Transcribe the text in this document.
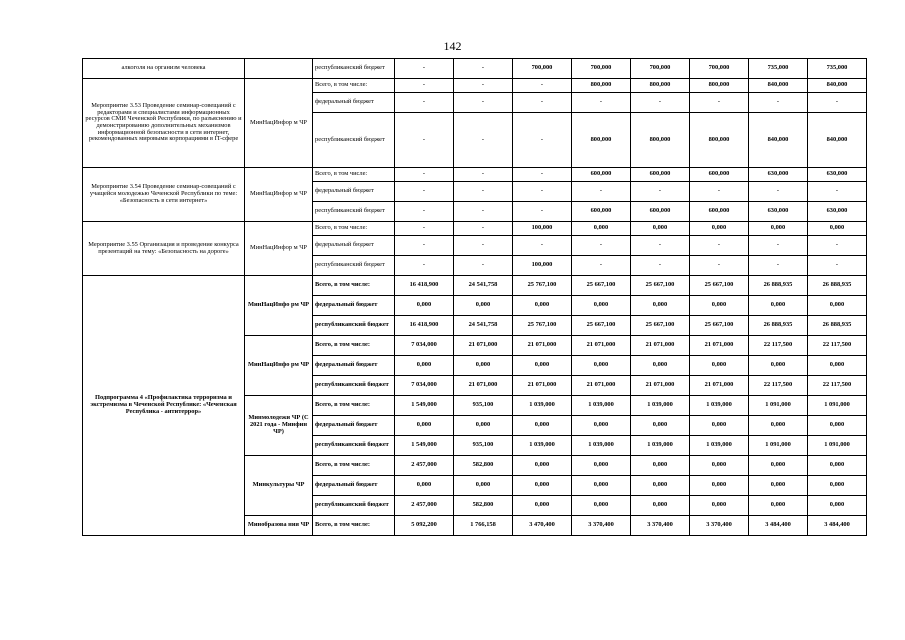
142
алкоголя на организм человека		республиканский бюджет	-	-	700,000	700,000	700,000	700,000	735,000	735,000
Мероприятие 3.53 Проведение семинар-совещаний с редакторами и специалистами информационных ресурсов СМИ Чеченской Республики, по разъяснению и демонстрированию дополнительных механизмов информационной безопасности в сети интернет, рекомендованных мировыми корпорациями в IT-сфере	МинНацИнфор м ЧР	Всего, в том числе:	-	-	-	800,000	800,000	800,000	840,000	840,000
		федеральный бюджет	-	-	-	-	-	-	-	-
		республиканский бюджет	-	-	-	800,000	800,000	800,000	840,000	840,000
Мероприятие 3.54 Проведение семинар-совещаний с учащейся молодежью Чеченской Республики по теме: «Безопасность в сети интернет»	МинНацИнфор м ЧР	Всего, в том числе:	-	-	-	600,000	600,000	600,000	630,000	630,000
		федеральный бюджет	-	-	-	-	-	-	-	-
		республиканский бюджет	-	-	-	600,000	600,000	600,000	630,000	630,000
Мероприятие 3.55 Организация и проведение конкурса презентаций на тему: «Безопасность на дороге»	МинНацИнфор м ЧР	Всего, в том числе:	-	-	100,000	0,000	0,000	0,000	0,000	0,000
		федеральный бюджет	-	-	-	-	-	-	-	-
		республиканский бюджет	-	-	100,000	-	-	-	-	-
Подпрограмма 4 «Профилактика терроризма и экстремизма в Чеченской Республике: «Чеченская Республика - антитеррор»	МинНацИнфо рм ЧР	Всего, в том числе:	16 418,900	24 541,758	25 767,100	25 667,100	25 667,100	25 667,100	26 888,935	26 888,935
		федеральный бюджет	0,000	0,000	0,000	0,000	0,000	0,000	0,000	0,000
		республиканский бюджет	16 418,900	24 541,758	25 767,100	25 667,100	25 667,100	25 667,100	26 888,935	26 888,935
	МинНацИнфо рм ЧР	Всего, в том числе:	7 034,000	21 071,000	21 071,000	21 071,000	21 071,000	21 071,000	22 117,500	22 117,500
		федеральный бюджет	0,000	0,000	0,000	0,000	0,000	0,000	0,000	0,000
		республиканский бюджет	7 034,000	21 071,000	21 071,000	21 071,000	21 071,000	21 071,000	22 117,500	22 117,500
	Минмолодежи ЧР (С 2021 года - Минфин ЧР)	Всего, в том числе:	1 549,000	935,100	1 039,000	1 039,000	1 039,000	1 039,000	1 091,000	1 091,000
		федеральный бюджет	0,000	0,000	0,000	0,000	0,000	0,000	0,000	0,000
		республиканский бюджет	1 549,000	935,100	1 039,000	1 039,000	1 039,000	1 039,000	1 091,000	1 091,000
	Минкультуры ЧР	Всего, в том числе:	2 457,000	582,800	0,000	0,000	0,000	0,000	0,000	0,000
		федеральный бюджет	0,000	0,000	0,000	0,000	0,000	0,000	0,000	0,000
		республиканский бюджет	2 457,000	582,800	0,000	0,000	0,000	0,000	0,000	0,000
	Минобразова ния ЧР	Всего, в том числе:	5 092,200	1 766,158	3 470,400	3 370,400	3 370,400	3 370,400	3 484,400	3 484,400
